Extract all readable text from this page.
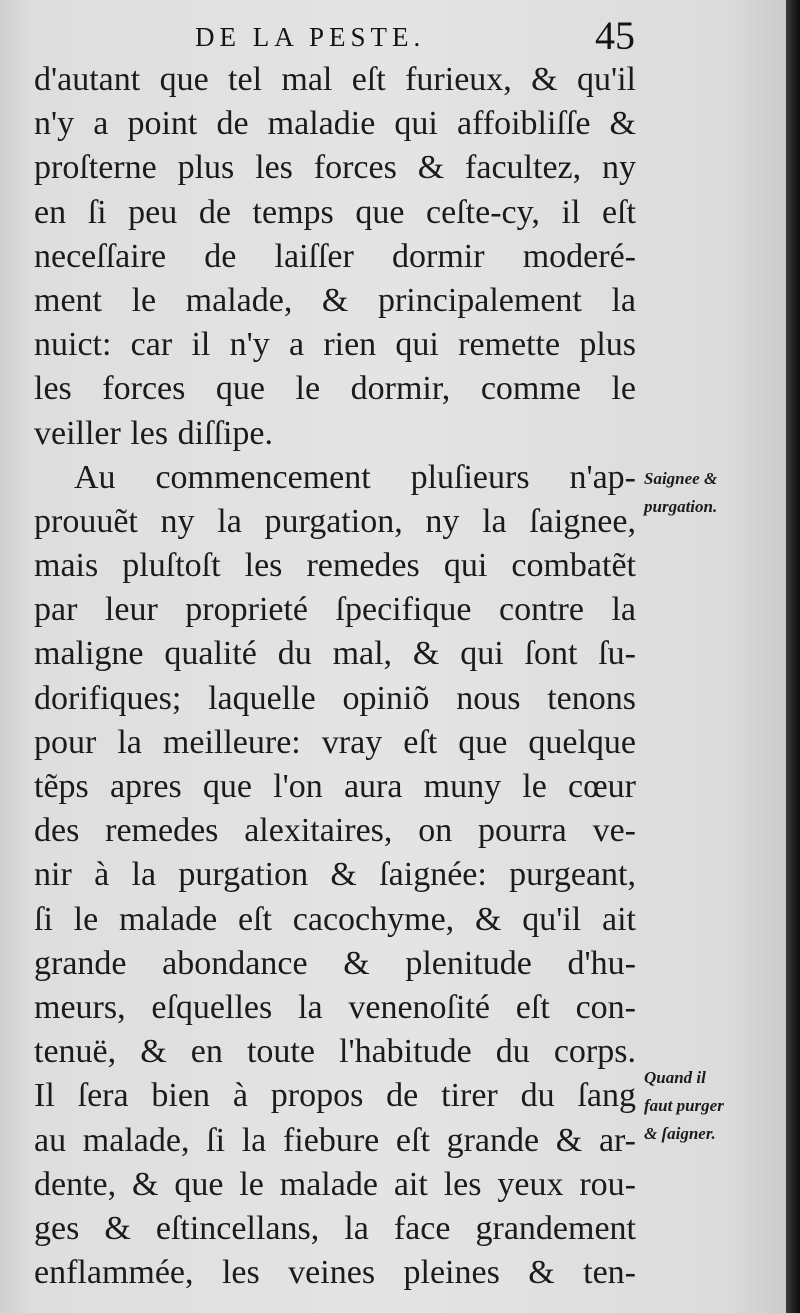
DE LA PESTE.	45
d'autant que tel mal eſt furieux, & qu'il
n'y a point de maladie qui affoibliſſe &
proſterne plus les forces & facultez, ny
en ſi peu de temps que ceſte-cy, il eſt
neceſſaire de laiſſer dormir moderé-
ment le malade, & principalement la
nuict: car il n'y a rien qui remette plus
les forces que le dormir, comme le
veiller les diſſipe.
Au commencement pluſieurs n'ap-
prouuẽt ny la purgation, ny la ſaignee,
mais pluſtoſt les remedes qui combatẽt
par leur proprieté ſpecifique contre la
maligne qualité du mal, & qui ſont ſu-
dorifiques; laquelle opiniõ nous tenons
pour la meilleure: vray eſt que quelque
tẽps apres que l'on aura muny le cœur
des remedes alexitaires, on pourra ve-
nir à la purgation & ſaignée: purgeant,
ſi le malade eſt cacochyme, & qu'il ait
grande abondance & plenitude d'hu-
meurs, eſquelles la venenoſité eſt con-
tenuë, & en toute l'habitude du corps.
Il ſera bien à propos de tirer du ſang
au malade, ſi la fiebure eſt grande & ar-
dente, & que le malade ait les yeux rou-
ges & eſtincellans, la face grandement
enflammée, les veines pleines & ten-
Saignee &
purgation.
Quand il
faut purger
& ſaigner.
